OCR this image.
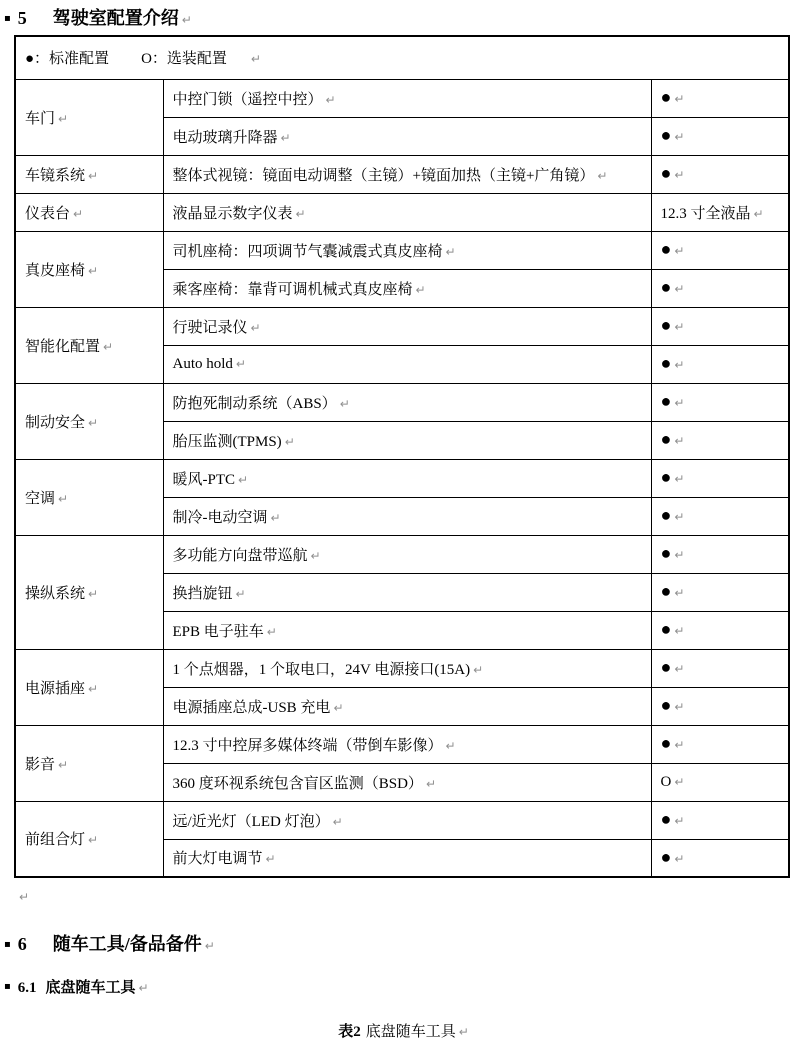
▪ 5 驾驶室配置介绍 ↵
●：标准配置 O：选装配置 ↵		
车门 ↵	中控门锁（遥控中控） ↵	● ↵
	电动玻璃升降器 ↵	● ↵
车镜系统 ↵	整体式视镜：镜面电动调整（主镜）+镜面加热（主镜+广角镜） ↵	● ↵
仪表台 ↵	液晶显示数字仪表 ↵	12.3 寸全液晶 ↵
真皮座椅 ↵	司机座椅：四项调节气囊减震式真皮座椅 ↵	● ↵
	乘客座椅：靠背可调机械式真皮座椅 ↵	● ↵
智能化配置 ↵	行驶记录仪 ↵	● ↵
	Auto hold ↵	● ↵
制动安全 ↵	防抱死制动系统（ABS） ↵	● ↵
	胎压监测(TPMS) ↵	● ↵
空调 ↵	暖风-PTC ↵	● ↵
	制冷-电动空调 ↵	● ↵
操纵系统 ↵	多功能方向盘带巡航 ↵	● ↵
	换挡旋钮 ↵	● ↵
	EPB 电子驻车 ↵	● ↵
电源插座 ↵	1 个点烟器，1 个取电口，24V 电源接口(15A) ↵	● ↵
	电源插座总成-USB 充电 ↵	● ↵
影音 ↵	12.3 寸中控屏多媒体终端（带倒车影像） ↵	● ↵
	360 度环视系统包含盲区监测（BSD） ↵	O ↵
前组合灯 ↵	远/近光灯（LED 灯泡） ↵	● ↵
	前大灯电调节 ↵	● ↵
↵
▪ 6 随车工具/备品备件 ↵
▪ 6.1 底盘随车工具 ↵
表2 底盘随车工具 ↵
